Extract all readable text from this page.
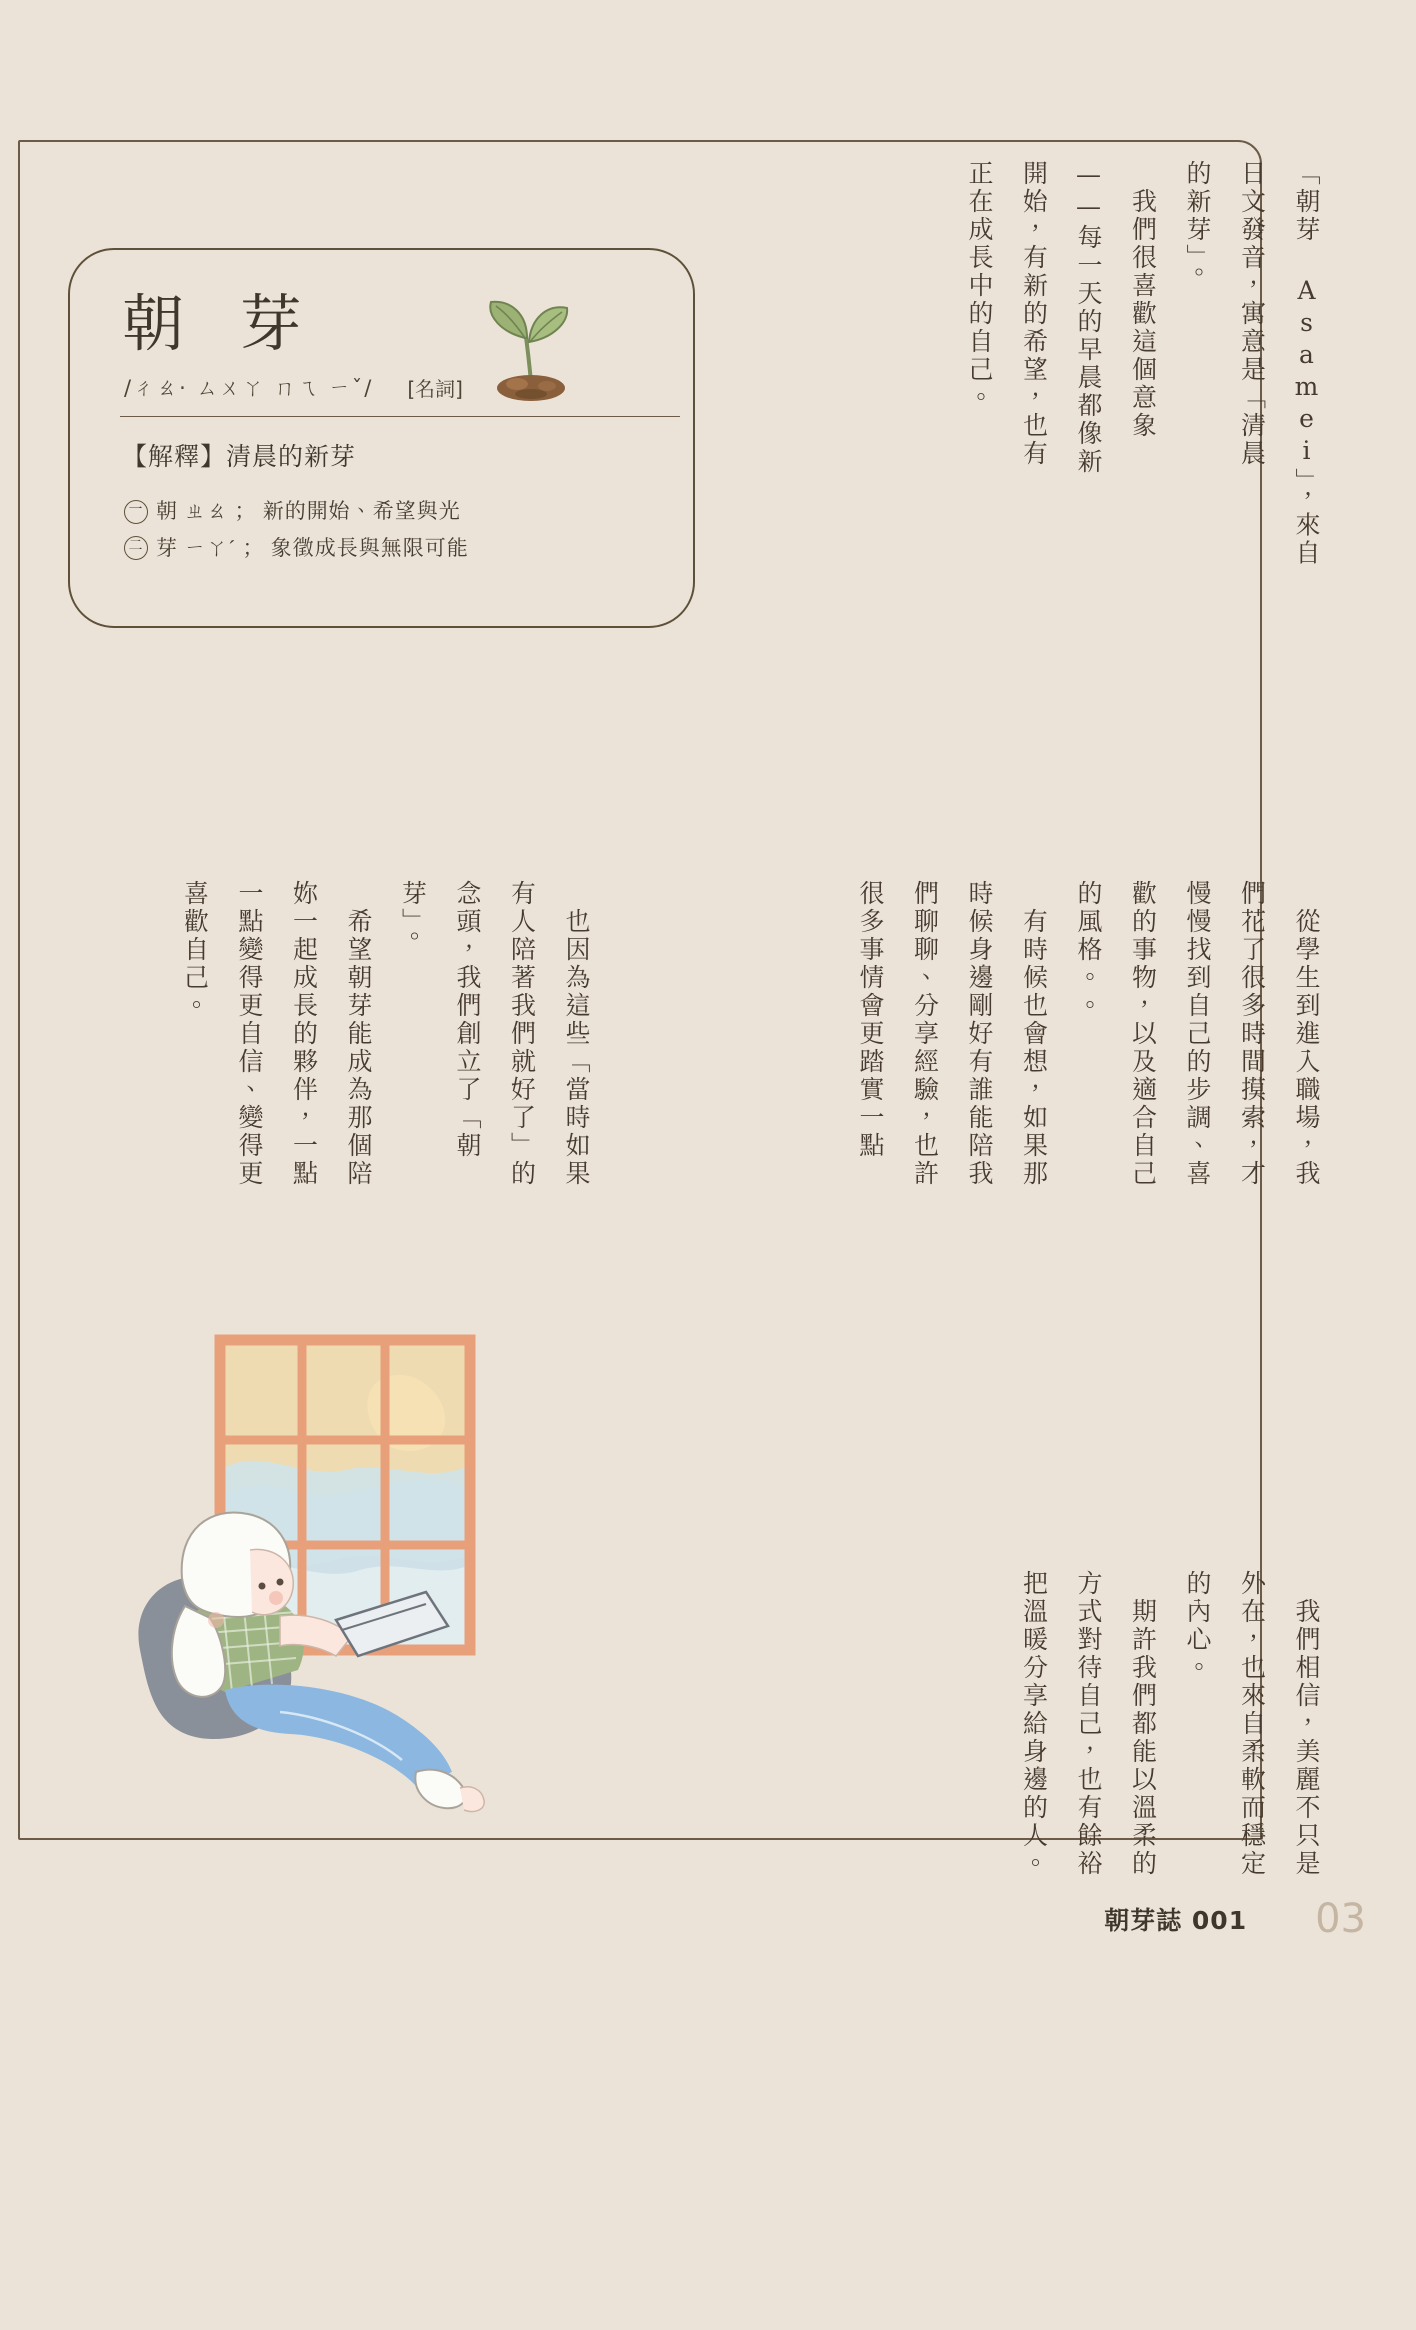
朝 芽
/ㄔㄠ· ㄙㄨㄚ ㄇㄟ ㄧˇ/ [名詞]
【解釋】清晨的新芽
一 朝 ㄓㄠ ； 新的開始、希望與光
二 芽 ㄧㄚˊ ； 象徵成長與無限可能	「朝芽 Asamei」，來自
日文發音，寓意是「清晨
的新芽」。
　我們很喜歡這個意象
——每一天的早晨都像新
開始，有新的希望，也有
正在成長中的自己。
　從學生到進入職場，我
們花了很多時間摸索，才
慢慢找到自己的步調、喜
歡的事物，以及適合自己
的風格。。
　有時候也會想，如果那
時候身邊剛好有誰能陪我
們聊聊、分享經驗，也許
很多事情會更踏實一點
　也因為這些「當時如果
有人陪著我們就好了」的
念頭，我們創立了「朝
芽」。
　希望朝芽能成為那個陪
妳一起成長的夥伴，一點
一點變得更自信、變得更
喜歡自己。
　我們相信，美麗不只是
外在，也來自柔軟而穩定
的內心。
　期許我們都能以溫柔的
方式對待自己，也有餘裕
把溫暖分享給身邊的人。
朝芽誌 001 03
